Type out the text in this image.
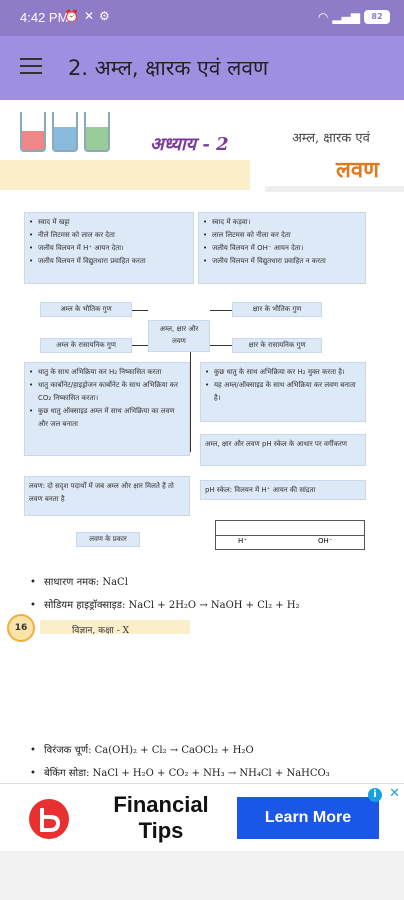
4:42 PM
⏰ ✕ ⚙	◠ ▂▄▆	82
2. अम्ल, क्षारक एवं लवण
अध्याय - 2	अम्ल, क्षारक एवं
लवण
• स्वाद में खट्टा
• नीले लिटमस को लाल कर देता
• जलीय विलयन में H⁺ आयन देता।
• जलीय विलयन में विद्युतधारा प्रवाहित करता
• स्वाद में कड़वा।
• लाल लिटमस को नीला कर देता
• जलीय विलयन में OH⁻ आयन देता।
• जलीय विलयन में विद्युतधारा प्रवाहित न करता
अम्ल के भौतिक गुण
अम्ल के रासायनिक गुण
अम्ल, क्षार और लवण
क्षार के भौतिक गुण
क्षार के रासायनिक गुण
• धातु के साथ अभिक्रिया कर H₂ निष्कासित करता
• धातु कार्बोनेट/हाइड्रोजन कार्बोनेट के साथ अभिक्रिया कर CO₂ निष्कासित करता।
• कुछ धातु ऑक्साइड अम्ल में साथ अभिक्रिया का लवण और जल बनाता
• कुछ धातु के साथ अभिक्रिया कर H₂ मुक्त करता है।
• यह अम्ल/ऑक्साइड के साथ अभिक्रिया कर लवण बनाता है।
अम्ल, क्षार और लवण pH स्केल के आधार पर वर्गीकरण
लवण: दो सदृश पदार्थों में जब अम्ल और क्षार मिलते हैं तो लवण बनता है
pH स्केल: विलयन में H⁺ आयन की सांद्रता
लवण के प्रकार	H⁺	OH⁻
• साधारण नमक: NaCl
• सोडियम हाइड्रॉक्साइड: NaCl + 2H₂O → NaOH + Cl₂ + H₂
16	विज्ञान, कक्षा - X
• विरंजक चूर्ण: Ca(OH)₂ + Cl₂ → CaOCl₂ + H₂O
• बेकिंग सोडा: NaCl + H₂O + CO₂ + NH₃ → NH₄Cl + NaHCO₃
Financial Tips
Learn More
i ✕
